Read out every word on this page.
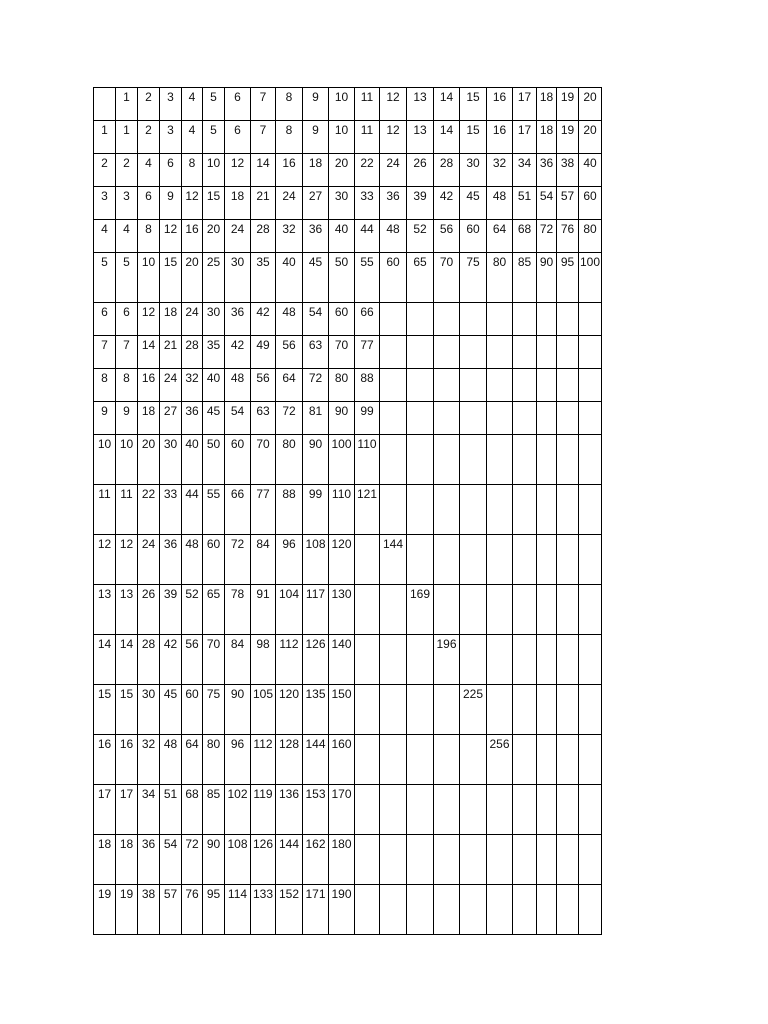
	1	2	3	4	5	6	7	8	9	10	11	12	13	14	15	16	17	18	19	20
1	1	2	3	4	5	6	7	8	9	10	11	12	13	14	15	16	17	18	19	20
2	2	4	6	8	10	12	14	16	18	20	22	24	26	28	30	32	34	36	38	40
3	3	6	9	12	15	18	21	24	27	30	33	36	39	42	45	48	51	54	57	60
4	4	8	12	16	20	24	28	32	36	40	44	48	52	56	60	64	68	72	76	80
5	5	10	15	20	25	30	35	40	45	50	55	60	65	70	75	80	85	90	95	100
6	6	12	18	24	30	36	42	48	54	60	66									
7	7	14	21	28	35	42	49	56	63	70	77									
8	8	16	24	32	40	48	56	64	72	80	88									
9	9	18	27	36	45	54	63	72	81	90	99									
10	10	20	30	40	50	60	70	80	90	100	110									
11	11	22	33	44	55	66	77	88	99	110	121									
12	12	24	36	48	60	72	84	96	108	120		144								
13	13	26	39	52	65	78	91	104	117	130			169							
14	14	28	42	56	70	84	98	112	126	140				196						
15	15	30	45	60	75	90	105	120	135	150					225					
16	16	32	48	64	80	96	112	128	144	160						256				
17	17	34	51	68	85	102	119	136	153	170										
18	18	36	54	72	90	108	126	144	162	180										
19	19	38	57	76	95	114	133	152	171	190										
